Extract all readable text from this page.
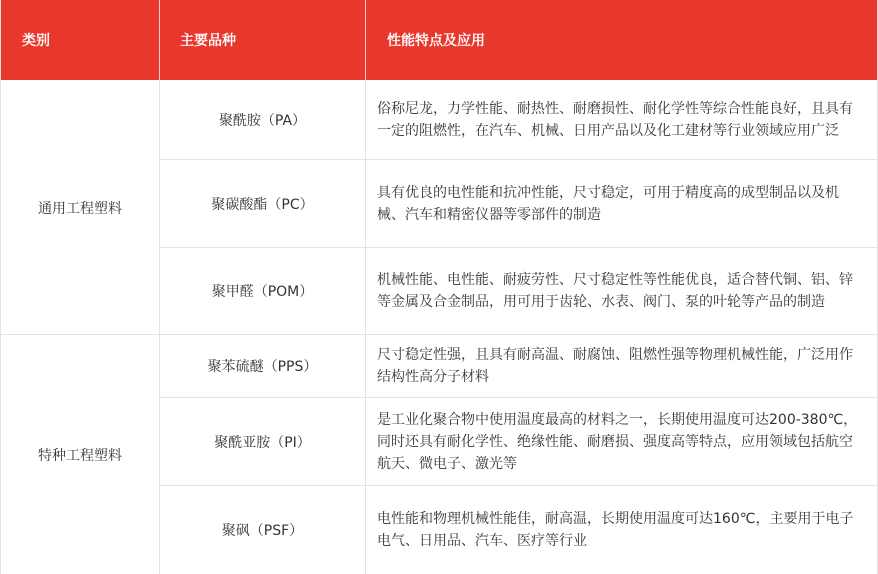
类别	主要品种	性能特点及应用
通用工程塑料
特种工程塑料
聚酰胺（PA）
俗称尼龙，力学性能、耐热性、耐磨损性、耐化学性等综合性能良好，且具有一定的阻燃性，在汽车、机械、日用产品以及化工建材等行业领域应用广泛
聚碳酸酯（PC）
具有优良的电性能和抗冲性能，尺寸稳定，可用于精度高的成型制品以及机械、汽车和精密仪器等零部件的制造
聚甲醛（POM）
机械性能、电性能、耐疲劳性、尺寸稳定性等性能优良，适合替代铜、铝、锌等金属及合金制品，用可用于齿轮、水表、阀门、泵的叶轮等产品的制造
聚苯硫醚（PPS）
尺寸稳定性强，且具有耐高温、耐腐蚀、阻燃性强等物理机械性能，广泛用作结构性高分子材料
聚酰亚胺（PI）
是工业化聚合物中使用温度最高的材料之一，长期使用温度可达200-380℃，同时还具有耐化学性、绝缘性能、耐磨损、强度高等特点，应用领域包括航空航天、微电子、激光等
聚砜（PSF）
电性能和物理机械性能佳，耐高温，长期使用温度可达160℃，主要用于电子电气、日用品、汽车、医疗等行业
